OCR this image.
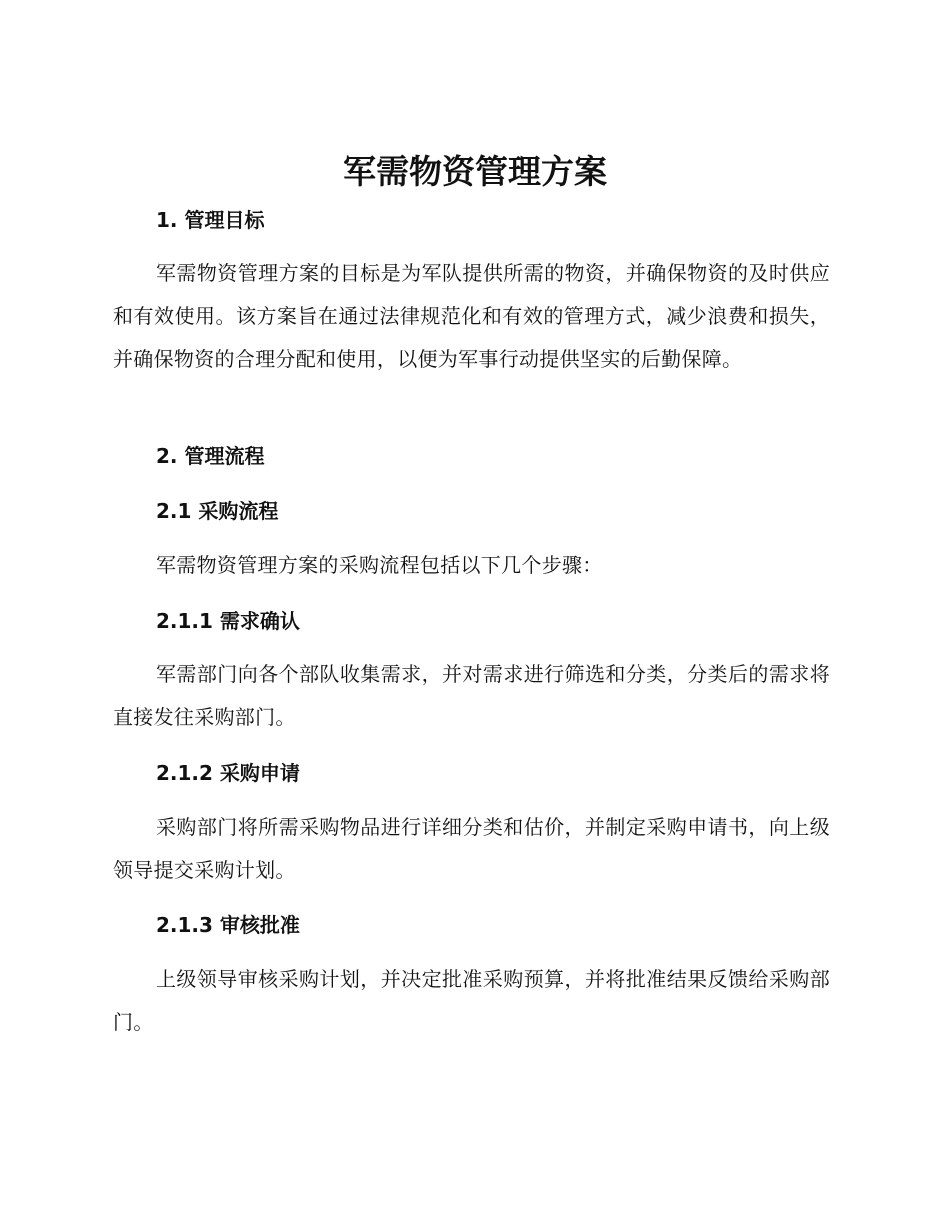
军需物资管理方案
1. 管理目标

军需物资管理方案的目标是为军队提供所需的物资，并确保物资的及时供应和有效使用。该方案旨在通过法律规范化和有效的管理方式，减少浪费和损失，并确保物资的合理分配和使用，以便为军事行动提供坚实的后勤保障。

2. 管理流程
2.1 采购流程

军需物资管理方案的采购流程包括以下几个步骤：

2.1.1 需求确认

军需部门向各个部队收集需求，并对需求进行筛选和分类，分类后的需求将直接发往采购部门。

2.1.2 采购申请

采购部门将所需采购物品进行详细分类和估价，并制定采购申请书，向上级领导提交采购计划。

2.1.3 审核批准

上级领导审核采购计划，并决定批准采购预算，并将批准结果反馈给采购部门。
